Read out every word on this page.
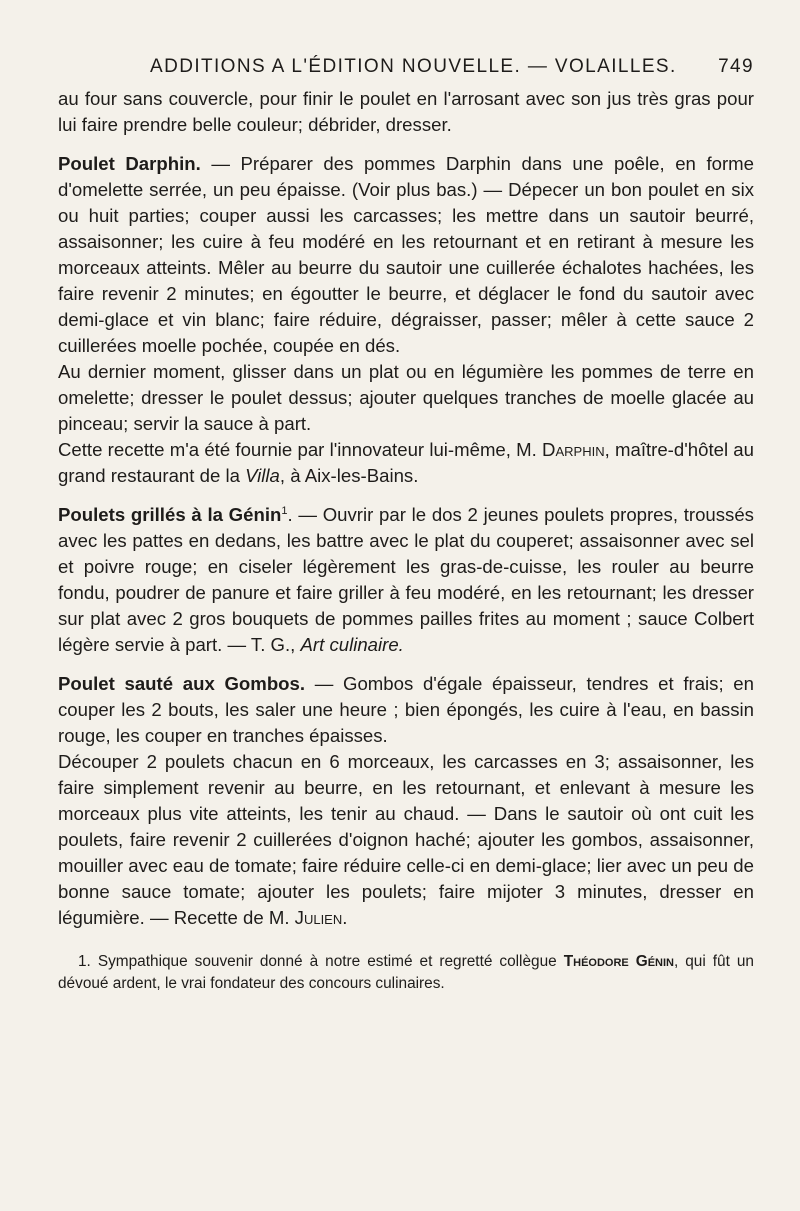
ADDITIONS A L'ÉDITION NOUVELLE. — VOLAILLES. 749

au four sans couvercle, pour finir le poulet en l'arrosant avec son jus très gras pour lui faire prendre belle couleur; débrider, dresser.

Poulet Darphin. — Préparer des pommes Darphin dans une poêle, en forme d'omelette serrée, un peu épaisse. (Voir plus bas.) — Dépecer un bon poulet en six ou huit parties; couper aussi les carcasses; les mettre dans un sautoir beurré, assaisonner; les cuire à feu modéré en les retournant et en retirant à mesure les morceaux atteints. Mêler au beurre du sautoir une cuillerée échalotes hachées, les faire revenir 2 minutes; en égoutter le beurre, et déglacer le fond du sautoir avec demi-glace et vin blanc; faire réduire, dégraisser, passer; mêler à cette sauce 2 cuillerées moelle pochée, coupée en dés.

Au dernier moment, glisser dans un plat ou en légumière les pommes de terre en omelette; dresser le poulet dessus; ajouter quelques tranches de moelle glacée au pinceau; servir la sauce à part.

Cette recette m'a été fournie par l'innovateur lui-même, M. Darphin, maître-d'hôtel au grand restaurant de la Villa, à Aix-les-Bains.

Poulets grillés à la Génin$^1$. — Ouvrir par le dos 2 jeunes poulets propres, troussés avec les pattes en dedans, les battre avec le plat du couperet; assaisonner avec sel et poivre rouge; en ciseler légèrement les gras-de-cuisse, les rouler au beurre fondu, poudrer de panure et faire griller à feu modéré, en les retournant; les dresser sur plat avec 2 gros bouquets de pommes pailles frites au moment ; sauce Colbert légère servie à part. — T. G., Art culinaire.

Poulet sauté aux Gombos. — Gombos d'égale épaisseur, tendres et frais; en couper les 2 bouts, les saler une heure ; bien épongés, les cuire à l'eau, en bassin rouge, les couper en tranches épaisses.

Découper 2 poulets chacun en 6 morceaux, les carcasses en 3; assaisonner, les faire simplement revenir au beurre, en les retournant, et enlevant à mesure les morceaux plus vite atteints, les tenir au chaud. — Dans le sautoir où ont cuit les poulets, faire revenir 2 cuillerées d'oignon haché; ajouter les gombos, assaisonner, mouiller avec eau de tomate; faire réduire celle-ci en demi-glace; lier avec un peu de bonne sauce tomate; ajouter les poulets; faire mijoter 3 minutes, dresser en légumière. — Recette de M. Julien.

1. Sympathique souvenir donné à notre estimé et regretté collègue Théodore Génin, qui fût un dévoué ardent, le vrai fondateur des concours culinaires.
